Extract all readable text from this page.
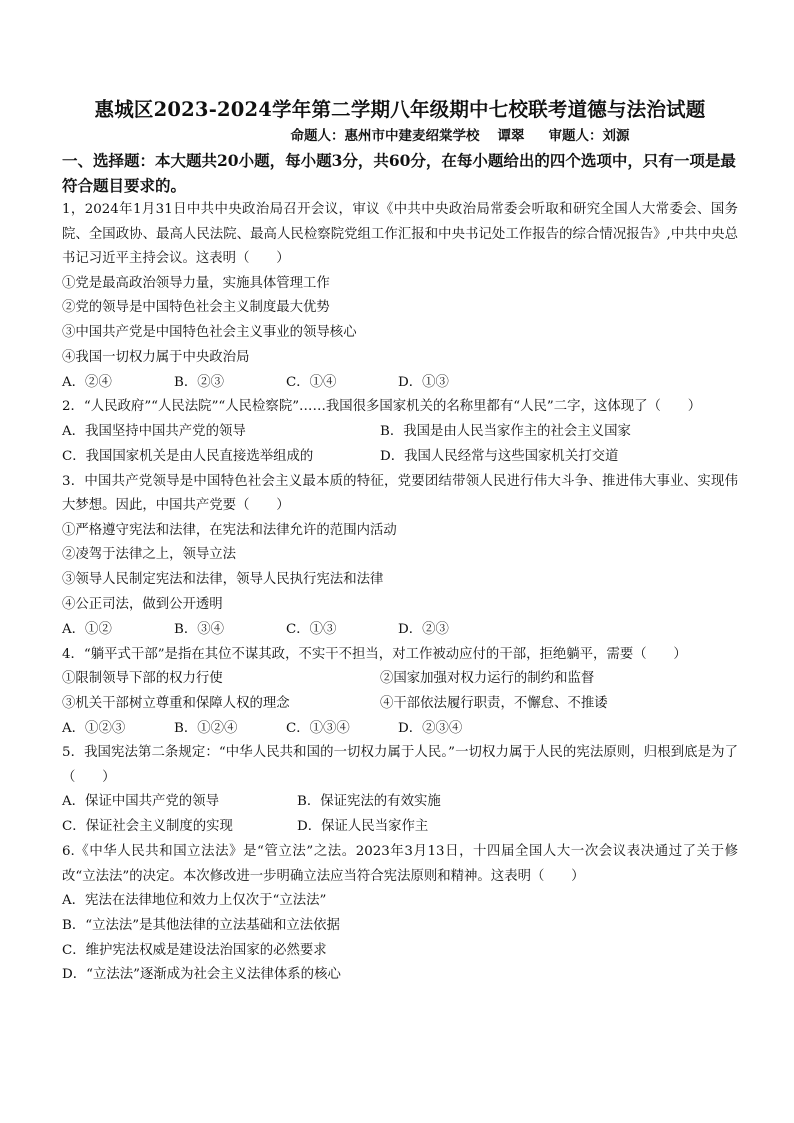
惠城区2023-2024学年第二学期八年级期中七校联考道德与法治试题
命题人：惠州市中建麦绍棠学校 谭翠 审题人：刘源
一、选择题：本大题共20小题，每小题3分，共60分，在每小题给出的四个选项中，只有一项是最符合题目要求的。
1，2024年1月31日中共中央政治局召开会议，审议《中共中央政治局常委会听取和研究全国人大常委会、国务院、全国政协、最高人民法院、最高人民检察院党组工作汇报和中央书记处工作报告的综合情况报告》,中共中央总书记习近平主持会议。这表明（　　）
①党是最高政治领导力量，实施具体管理工作
②党的领导是中国特色社会主义制度最大优势
③中国共产党是中国特色社会主义事业的领导核心
④我国一切权力属于中央政治局
A．②④	B．②③	C．①④	D．①③
2．“人民政府”“人民法院”“人民检察院”……我国很多国家机关的名称里都有“人民”二字，这体现了（　　）
A．我国坚持中国共产党的领导	B．我国是由人民当家作主的社会主义国家
C．我国国家机关是由人民直接选举组成的	D．我国人民经常与这些国家机关打交道
3．中国共产党领导是中国特色社会主义最本质的特征，党要团结带领人民进行伟大斗争、推进伟大事业、实现伟大梦想。因此，中国共产党要（　　）
①严格遵守宪法和法律，在宪法和法律允许的范围内活动
②凌驾于法律之上，领导立法
③领导人民制定宪法和法律，领导人民执行宪法和法律
④公正司法，做到公开透明
A．①②	B．③④	C．①③	D．②③
4．“躺平式干部”是指在其位不谋其政，不实干不担当，对工作被动应付的干部，拒绝躺平，需要（　　）
①限制领导下部的权力行使	②国家加强对权力运行的制约和监督
③机关干部树立尊重和保障人权的理念	④干部依法履行职责，不懈怠、不推诿
A．①②③	B．①②④	C．①③④	D．②③④
5．我国宪法第二条规定：“中华人民共和国的一切权力属于人民。”一切权力属于人民的宪法原则，归根到底是为了（　　）
A．保证中国共产党的领导	B．保证宪法的有效实施
C．保证社会主义制度的实现	D．保证人民当家作主
6.《中华人民共和国立法法》是“管立法”之法。2023年3月13日，十四届全国人大一次会议表决通过了关于修改“立法法”的决定。本次修改进一步明确立法应当符合宪法原则和精神。这表明（　　）
A．宪法在法律地位和效力上仅次于“立法法”
B．“立法法”是其他法律的立法基础和立法依据
C．维护宪法权威是建设法治国家的必然要求
D．“立法法”逐渐成为社会主义法律体系的核心
